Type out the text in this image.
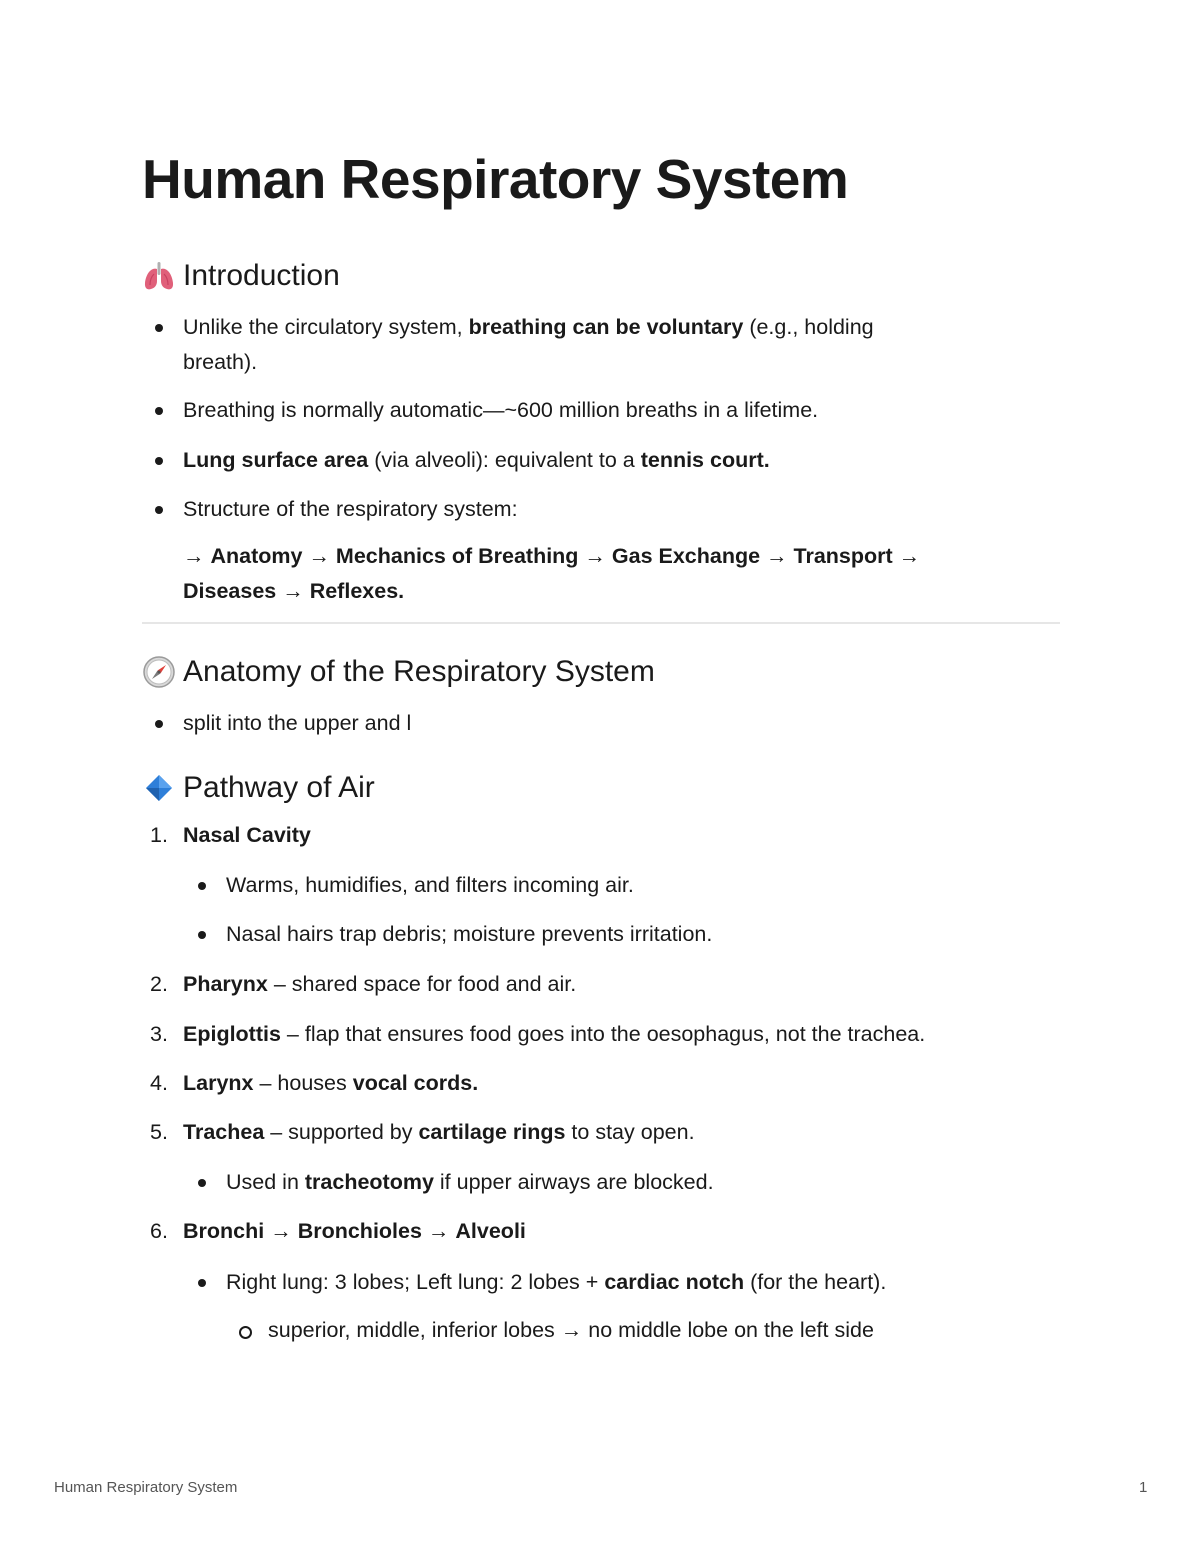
Human Respiratory System
Introduction
Unlike the circulatory system, breathing can be voluntary (e.g., holding
breath).
Breathing is normally automatic—~600 million breaths in a lifetime.
Lung surface area (via alveoli): equivalent to a tennis court.
Structure of the respiratory system:
→ Anatomy → Mechanics of Breathing → Gas Exchange → Transport →
Diseases → Reflexes.
Anatomy of the Respiratory System
split into the upper and l
Pathway of Air
1. Nasal Cavity
Warms, humidifies, and filters incoming air.
Nasal hairs trap debris; moisture prevents irritation.
2. Pharynx – shared space for food and air.
3. Epiglottis – flap that ensures food goes into the oesophagus, not the trachea.
4. Larynx – houses vocal cords.
5. Trachea – supported by cartilage rings to stay open.
Used in tracheotomy if upper airways are blocked.
6. Bronchi → Bronchioles → Alveoli
Right lung: 3 lobes; Left lung: 2 lobes + cardiac notch (for the heart).
superior, middle, inferior lobes → no middle lobe on the left side
Human Respiratory System	1
